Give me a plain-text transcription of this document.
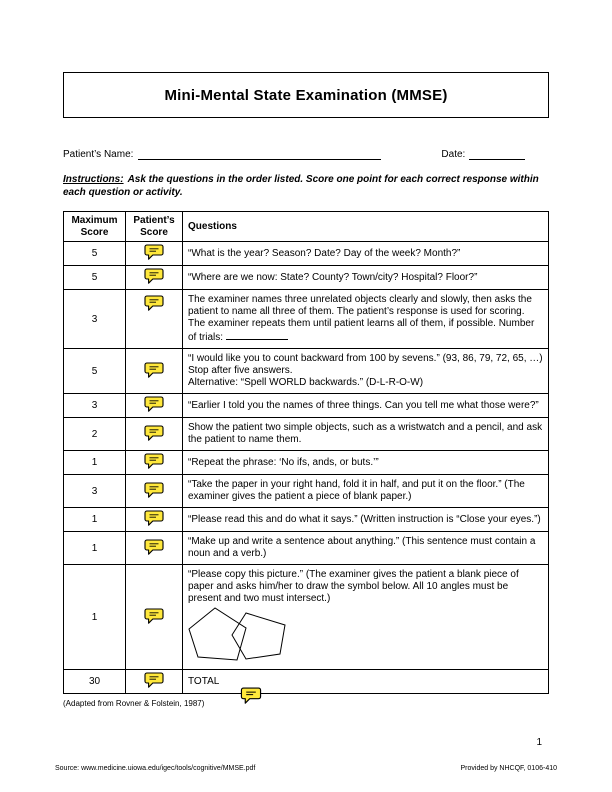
Mini-Mental State Examination (MMSE)
Patient’s Name:	Date:

Instructions: Ask the questions in the order listed. Score one point for each correct response within each question or activity.

Maximum Score	Patient’s Score	Questions
5		“What is the year? Season? Date? Day of the week? Month?”

5		“Where are we now: State? County? Town/city? Hospital? Floor?”

3		The examiner names three unrelated objects clearly and slowly, then asks the patient to name all three of them. The patient’s response is used for scoring. The examiner repeats them until patient learns all of them, if possible. Number of trials:

5		“I would like you to count backward from 100 by sevens.” (93, 86, 79, 72, 65, …) Stop after five answers.
Alternative: “Spell WORLD backwards.” (D-L-R-O-W)

3		“Earlier I told you the names of three things. Can you tell me what those were?”

2		Show the patient two simple objects, such as a wristwatch and a pencil, and ask the patient to name them.

1		“Repeat the phrase: ‘No ifs, ands, or buts.’”

3		“Take the paper in your right hand, fold it in half, and put it on the floor.” (The examiner gives the patient a piece of blank paper.)

1		“Please read this and do what it says.” (Written instruction is “Close your eyes.”)

1		“Make up and write a sentence about anything.” (This sentence must contain a noun and a verb.)

1		“Please copy this picture.” (The examiner gives the patient a blank piece of paper and asks him/her to draw the symbol below. All 10 angles must be present and two must intersect.)

30		TOTAL
(Adapted from Rovner & Folstein, 1987)
1
Source: www.medicine.uiowa.edu/igec/tools/cognitive/MMSE.pdf	Provided by NHCQF, 0106-410
